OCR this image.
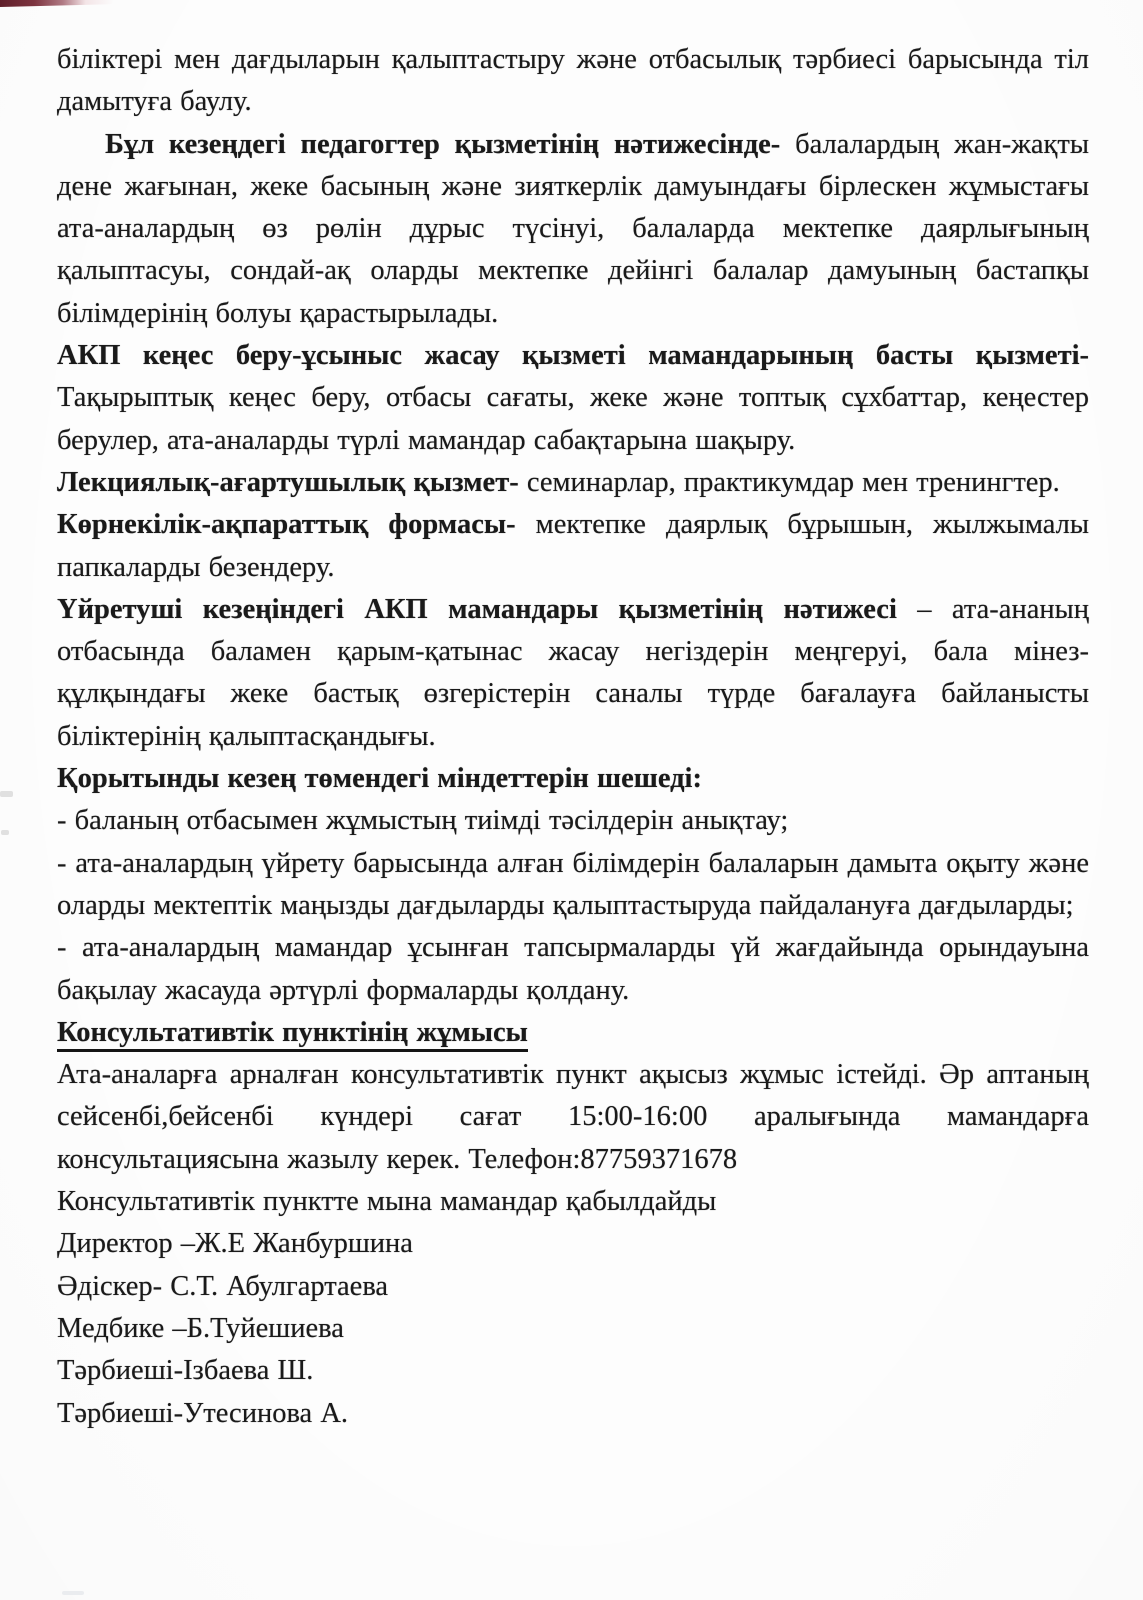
біліктері мен дағдыларын қалыптастыру және отбасылық тәрбиесі барысында тіл дамытуға баулу.

Бұл кезеңдегі педагогтер қызметінің нәтижесінде- балалардың жан-жақты дене жағынан, жеке басының және зияткерлік дамуындағы бірлескен жұмыстағы ата-аналардың өз рөлін дұрыс түсінуі, балаларда мектепке даярлығының қалыптасуы, сондай-ақ оларды мектепке дейінгі балалар дамуының бастапқы білімдерінің болуы қарастырылады.

АКП кеңес беру-ұсыныс жасау қызметі мамандарының басты қызметі- Тақырыптық кеңес беру, отбасы сағаты, жеке және топтық сұхбаттар, кеңестер берулер, ата-аналарды түрлі мамандар сабақтарына шақыру.

Лекциялық-ағартушылық қызмет- семинарлар, практикумдар мен тренингтер.

Көрнекілік-ақпараттық формасы- мектепке даярлық бұрышын, жылжымалы папкаларды безендеру.

Үйретуші кезеңіндегі АКП мамандары қызметінің нәтижесі – ата-ананың отбасында баламен қарым-қатынас жасау негіздерін меңгеруі, бала мінез-құлқындағы жеке бастық өзгерістерін саналы түрде бағалауға байланысты біліктерінің қалыптасқандығы.

Қорытынды кезең төмендегі міндеттерін шешеді:

- баланың отбасымен жұмыстың тиімді тәсілдерін анықтау;

- ата-аналардың үйрету барысында алған білімдерін балаларын дамыта оқыту және оларды мектептік маңызды дағдыларды қалыптастыруда пайдалануға дағдыларды;

- ата-аналардың мамандар ұсынған тапсырмаларды үй жағдайында орындауына бақылау жасауда әртүрлі формаларды қолдану.

Консультативтік пунктінің жұмысы

Ата-аналарға арналған консультативтік пункт ақысыз жұмыс істейді. Әр аптаның сейсенбі,бейсенбі күндері сағат 15:00-16:00 аралығында мамандарға консультациясына жазылу керек. Телефон:87759371678

Консультативтік пунктте мына мамандар қабылдайды

Директор –Ж.Е Жанбуршина

Әдіскер- С.Т. Абулгартаева

Медбике –Б.Туйешиева

Тәрбиеші-Ізбаева Ш.

Тәрбиеші-Утесинова А.
